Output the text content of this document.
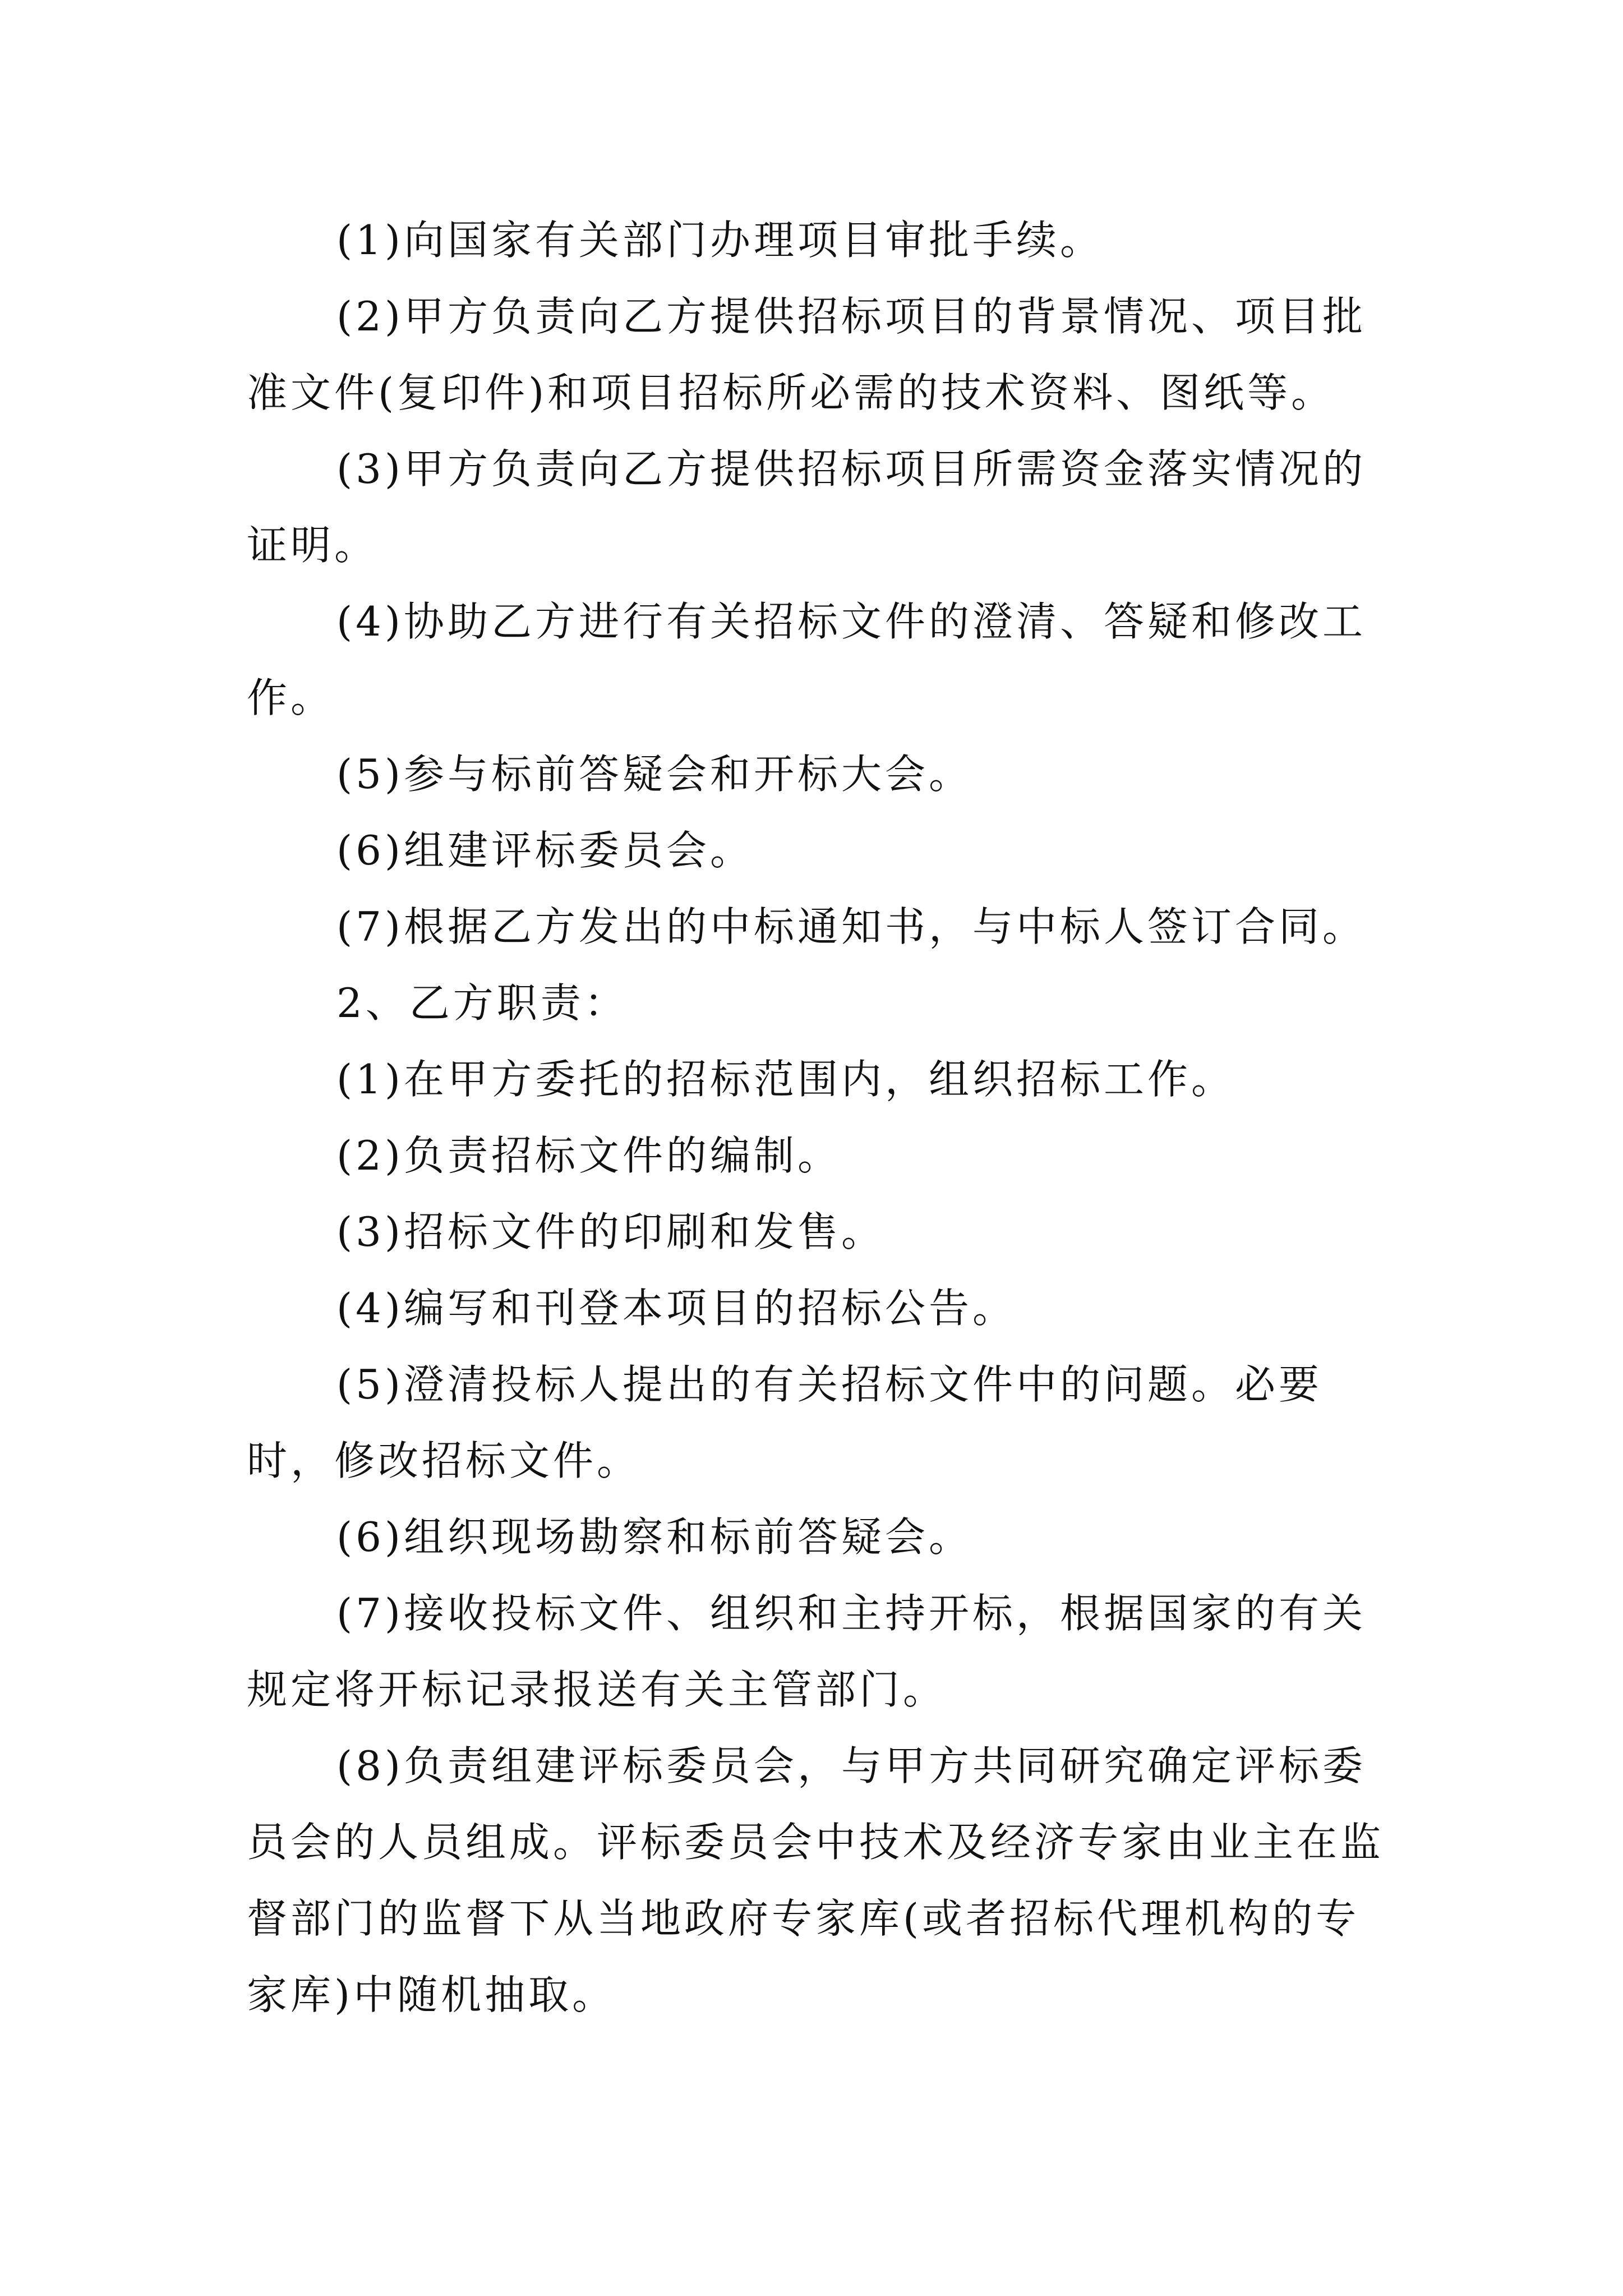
(1)向国家有关部门办理项目审批手续。

(2)甲方负责向乙方提供招标项目的背景情况、项目批准文件(复印件)和项目招标所必需的技术资料、图纸等。

(3)甲方负责向乙方提供招标项目所需资金落实情况的证明。

(4)协助乙方进行有关招标文件的澄清、答疑和修改工作。

(5)参与标前答疑会和开标大会。

(6)组建评标委员会。

(7)根据乙方发出的中标通知书，与中标人签订合同。

2、乙方职责：

(1)在甲方委托的招标范围内，组织招标工作。

(2)负责招标文件的编制。

(3)招标文件的印刷和发售。

(4)编写和刊登本项目的招标公告。

(5)澄清投标人提出的有关招标文件中的问题。必要时，修改招标文件。

(6)组织现场勘察和标前答疑会。

(7)接收投标文件、组织和主持开标，根据国家的有关规定将开标记录报送有关主管部门。

(8)负责组建评标委员会，与甲方共同研究确定评标委员会的人员组成。评标委员会中技术及经济专家由业主在监督部门的监督下从当地政府专家库(或者招标代理机构的专家库)中随机抽取。
